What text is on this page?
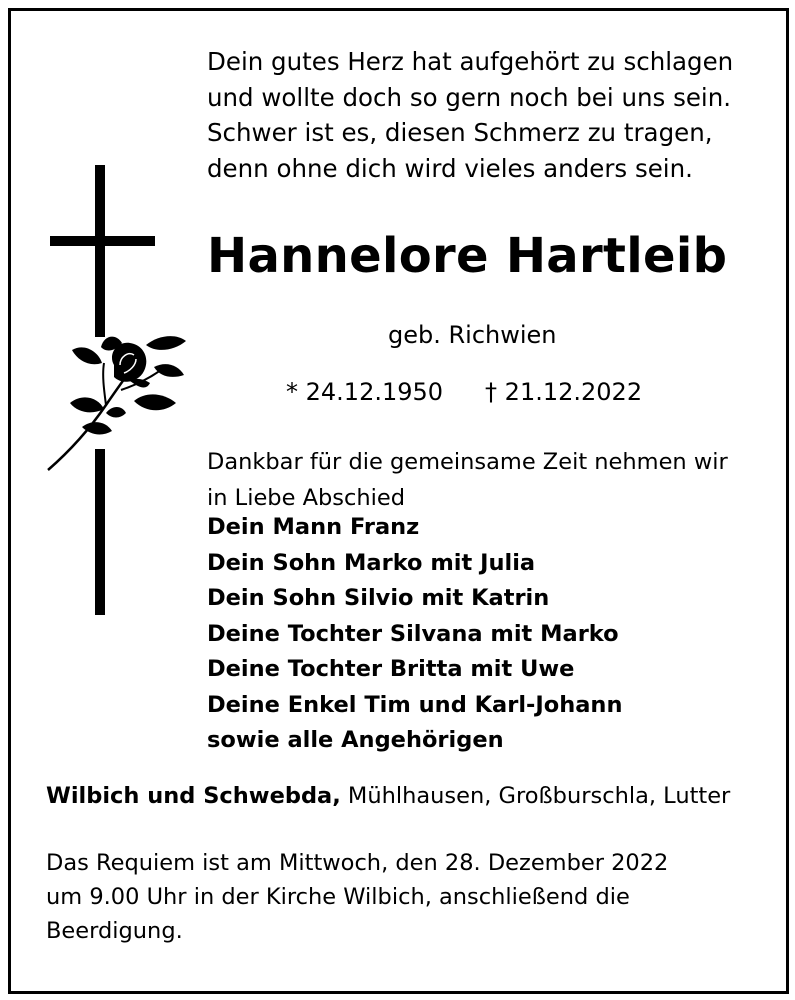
Dein gutes Herz hat aufgehört zu schlagen
und wollte doch so gern noch bei uns sein.
Schwer ist es, diesen Schmerz zu tragen,
denn ohne dich wird vieles anders sein.
Hannelore Hartleib
geb. Richwien
* 24.12.1950 † 21.12.2022
Dankbar für die gemeinsame Zeit nehmen wir
in Liebe Abschied
Dein Mann Franz
Dein Sohn Marko mit Julia
Dein Sohn Silvio mit Katrin
Deine Tochter Silvana mit Marko
Deine Tochter Britta mit Uwe
Deine Enkel Tim und Karl-Johann
sowie alle Angehörigen
Wilbich und Schwebda, Mühlhausen, Großburschla, Lutter
Das Requiem ist am Mittwoch, den 28. Dezember 2022
um 9.00 Uhr in der Kirche Wilbich, anschließend die
Beerdigung.
